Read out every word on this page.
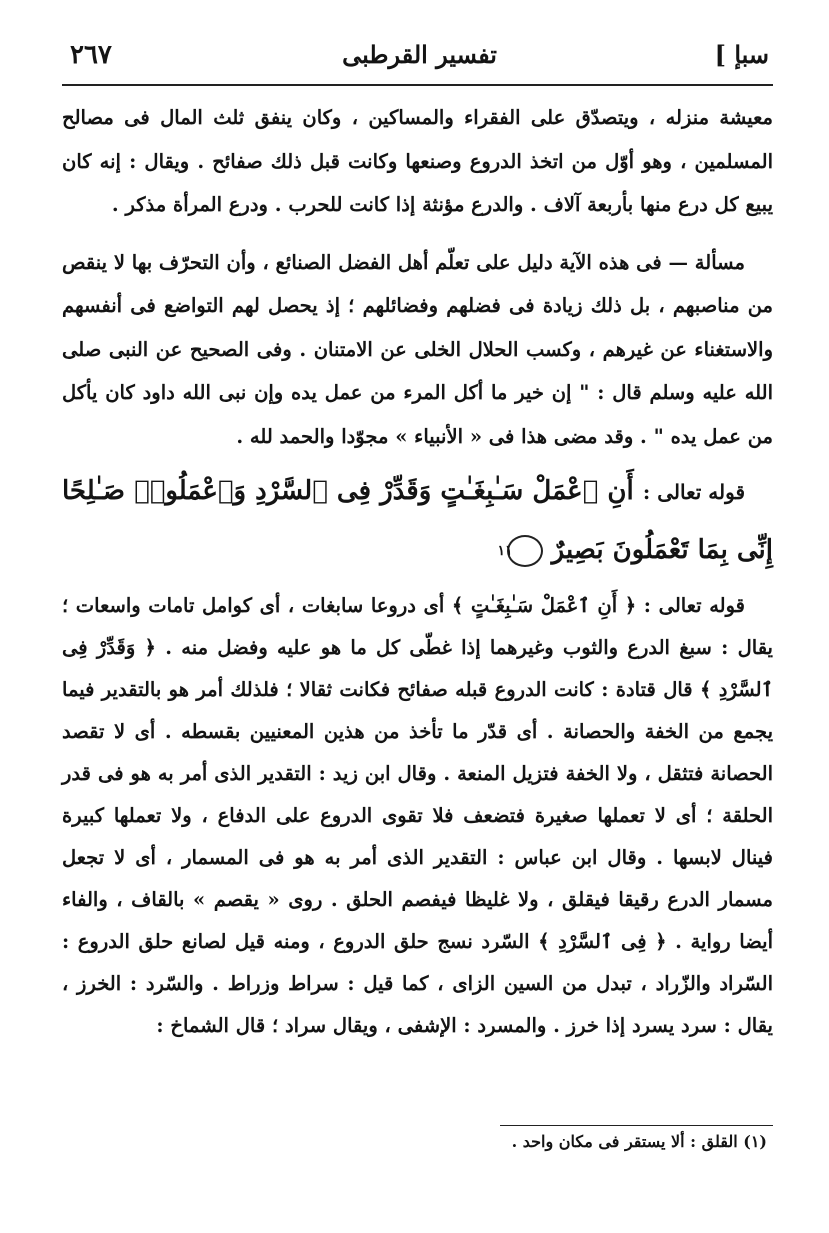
سبإ ]
تفسير القرطبى
٢٦٧

معيشة منزله ، ويتصدّق على الفقراء والمساكين ، وكان ينفق ثلث المال فى مصالح المسلمين ، وهو أوّل من اتخذ الدروع وصنعها وكانت قبل ذلك صفائح . ويقال : إنه كان يبيع كل درع منها بأربعة آلاف . والدرع مؤنثة إذا كانت للحرب . ودرع المرأة مذكر .

مسألة — فى هذه الآية دليل على تعلّم أهل الفضل الصنائع ، وأن التحرّف بها لا ينقص من مناصبهم ، بل ذلك زيادة فى فضلهم وفضائلهم ؛ إذ يحصل لهم التواضع فى أنفسهم والاستغناء عن غيرهم ، وكسب الحلال الخلى عن الامتنان . وفى الصحيح عن النبى صلى الله عليه وسلم قال : " إن خير ما أكل المرء من عمل يده وإن نبى الله داود كان يأكل من عمل يده " . وقد مضى هذا فى « الأنبياء » مجوّدا والحمد لله .

قوله تعالى : أَنِ ٱعْمَلْ سَـٰبِغَـٰتٍ وَقَدِّرْ فِى ٱلسَّرْدِ وَٱعْمَلُوا۟ صَـٰلِحًا إِنِّى بِمَا تَعْمَلُونَ بَصِيرٌ ١١

قوله تعالى : ﴿ أَنِ ٱعْمَلْ سَـٰبِغَـٰتٍ ﴾ أى دروعا سابغات ، أى كوامل تامات واسعات ؛ يقال : سبغ الدرع والثوب وغيرهما إذا غطّى كل ما هو عليه وفضل منه . ﴿ وَقَدِّرْ فِى ٱلسَّرْدِ ﴾ قال قتادة : كانت الدروع قبله صفائح فكانت ثقالا ؛ فلذلك أمر هو بالتقدير فيما يجمع من الخفة والحصانة . أى قدّر ما تأخذ من هذين المعنيين بقسطه . أى لا تقصد الحصانة فتثقل ، ولا الخفة فتزيل المنعة . وقال ابن زيد : التقدير الذى أمر به هو فى قدر الحلقة ؛ أى لا تعملها صغيرة فتضعف فلا تقوى الدروع على الدفاع ، ولا تعملها كبيرة فينال لابسها . وقال ابن عباس : التقدير الذى أمر به هو فى المسمار ، أى لا تجعل مسمار الدرع رقيقا فيقلق ، ولا غليظا فيفصم الحلق . روى « يقصم » بالقاف ، والفاء أيضا رواية . ﴿ فِى ٱلسَّرْدِ ﴾ السّرد نسج حلق الدروع ، ومنه قيل لصانع حلق الدروع : السّراد والزّراد ، تبدل من السين الزاى ، كما قيل : سراط وزراط . والسّرد : الخرز ، يقال : سرد يسرد إذا خرز . والمسرد : الإشفى ، ويقال سراد ؛ قال الشماخ :

(١) القلق : ألا يستقر فى مكان واحد .
